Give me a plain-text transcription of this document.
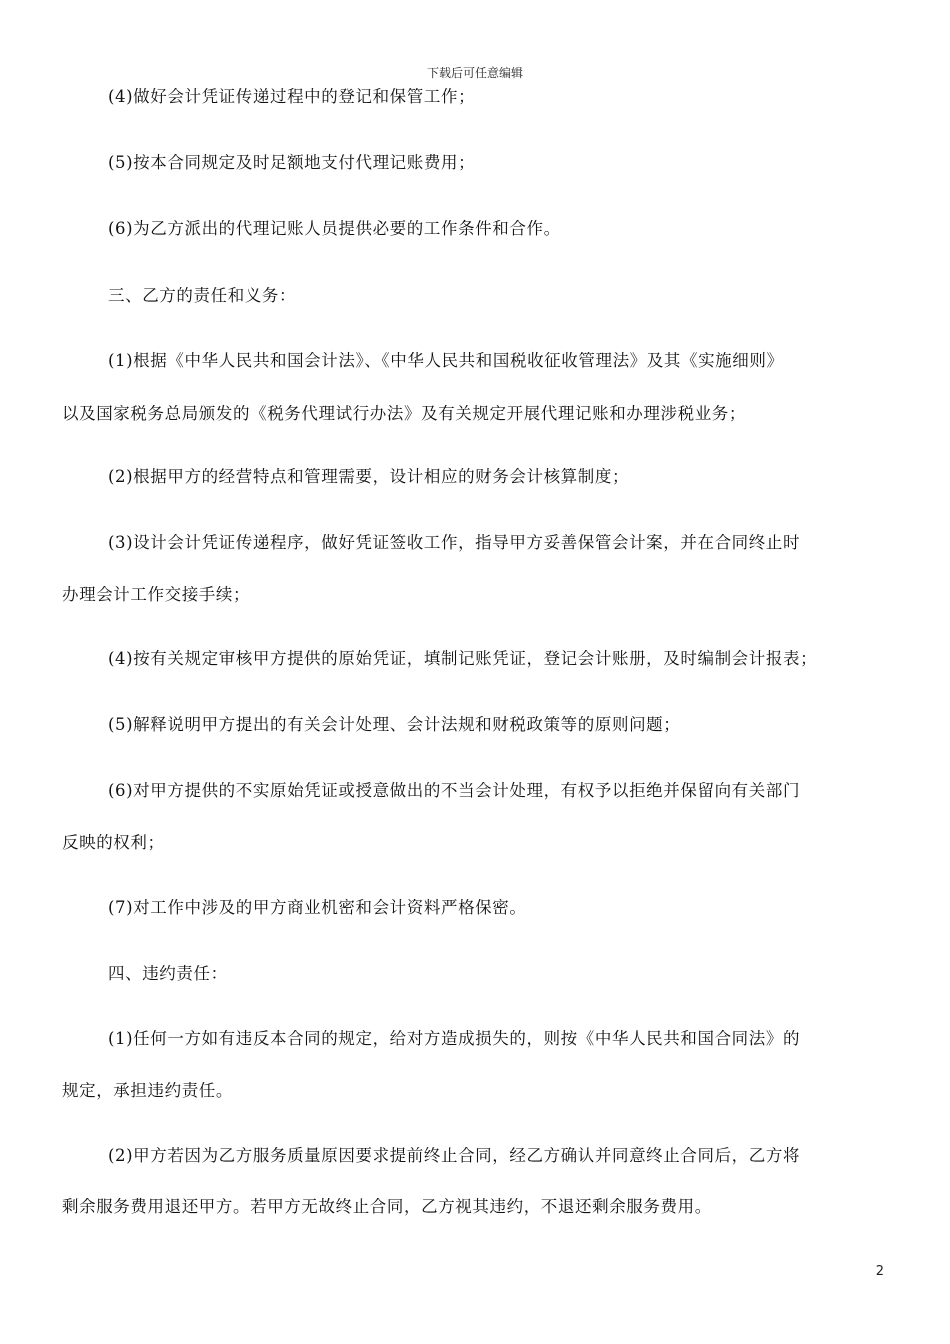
下载后可任意编辑
(4)做好会计凭证传递过程中的登记和保管工作；
(5)按本合同规定及时足额地支付代理记账费用；
(6)为乙方派出的代理记账人员提供必要的工作条件和合作。
三、乙方的责任和义务：
(1)根据《中华人民共和国会计法》、《中华人民共和国税收征收管理法》及其《实施细则》
以及国家税务总局颁发的《税务代理试行办法》及有关规定开展代理记账和办理涉税业务；
(2)根据甲方的经营特点和管理需要，设计相应的财务会计核算制度；
(3)设计会计凭证传递程序，做好凭证签收工作，指导甲方妥善保管会计案，并在合同终止时
办理会计工作交接手续；
(4)按有关规定审核甲方提供的原始凭证，填制记账凭证，登记会计账册，及时编制会计报表；
(5)解释说明甲方提出的有关会计处理、会计法规和财税政策等的原则问题；
(6)对甲方提供的不实原始凭证或授意做出的不当会计处理，有权予以拒绝并保留向有关部门
反映的权利；
(7)对工作中涉及的甲方商业机密和会计资料严格保密。
四、违约责任：
(1)任何一方如有违反本合同的规定，给对方造成损失的，则按《中华人民共和国合同法》的
规定，承担违约责任。
(2)甲方若因为乙方服务质量原因要求提前终止合同，经乙方确认并同意终止合同后，乙方将
剩余服务费用退还甲方。若甲方无故终止合同，乙方视其违约，不退还剩余服务费用。
2
